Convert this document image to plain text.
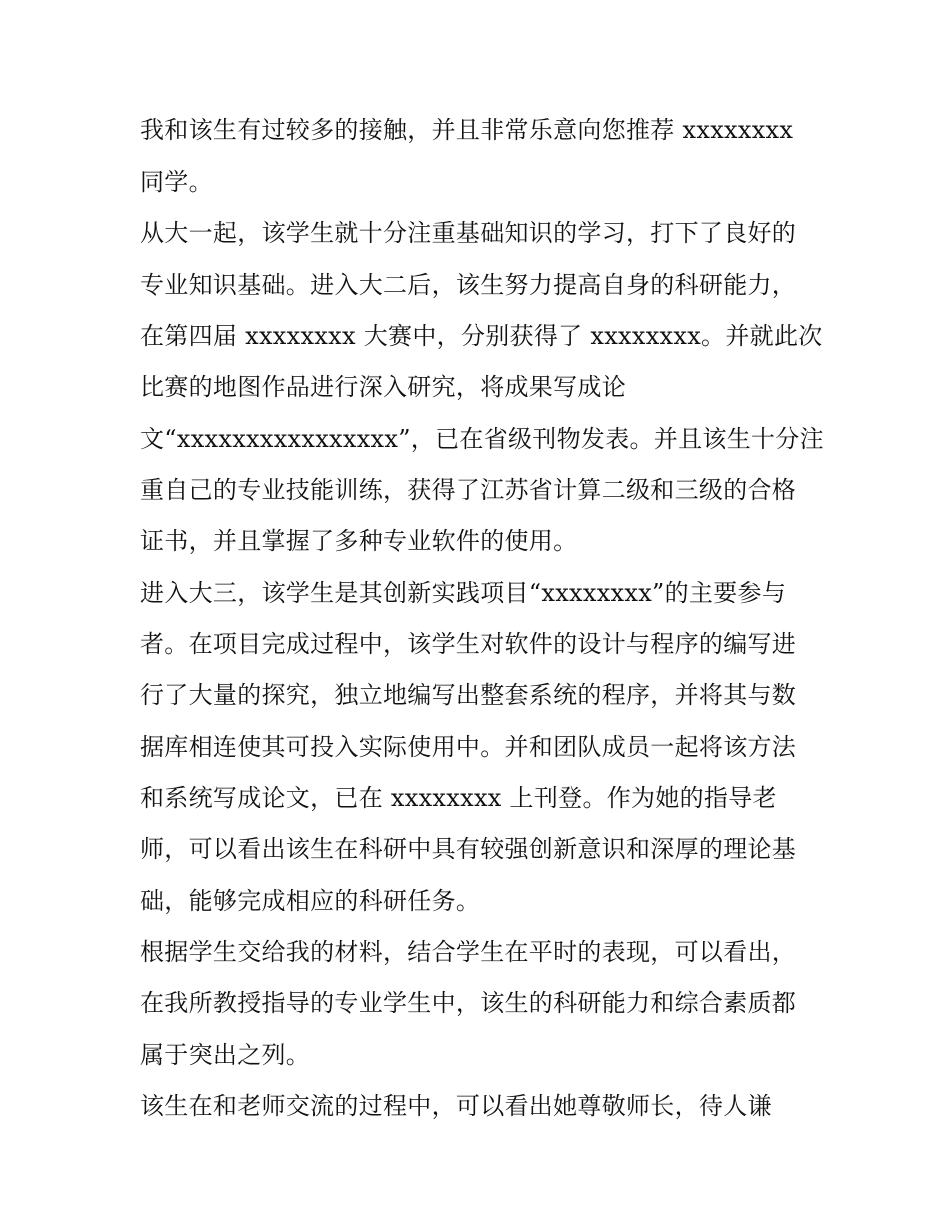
我和该生有过较多的接触，并且非常乐意向您推荐 xxxxxxxx
同学。
从大一起，该学生就十分注重基础知识的学习，打下了良好的
专业知识基础。进入大二后，该生努力提高自身的科研能力，
在第四届 xxxxxxxx 大赛中，分别获得了 xxxxxxxx。并就此次
比赛的地图作品进行深入研究，将成果写成论
文“xxxxxxxxxxxxxxxx”，已在省级刊物发表。并且该生十分注
重自己的专业技能训练，获得了江苏省计算二级和三级的合格
证书，并且掌握了多种专业软件的使用。
进入大三，该学生是其创新实践项目“xxxxxxxx”的主要参与
者。在项目完成过程中，该学生对软件的设计与程序的编写进
行了大量的探究，独立地编写出整套系统的程序，并将其与数
据库相连使其可投入实际使用中。并和团队成员一起将该方法
和系统写成论文，已在 xxxxxxxx 上刊登。作为她的指导老
师，可以看出该生在科研中具有较强创新意识和深厚的理论基
础，能够完成相应的科研任务。
根据学生交给我的材料，结合学生在平时的表现，可以看出，
在我所教授指导的专业学生中，该生的科研能力和综合素质都
属于突出之列。
该生在和老师交流的过程中，可以看出她尊敬师长，待人谦
